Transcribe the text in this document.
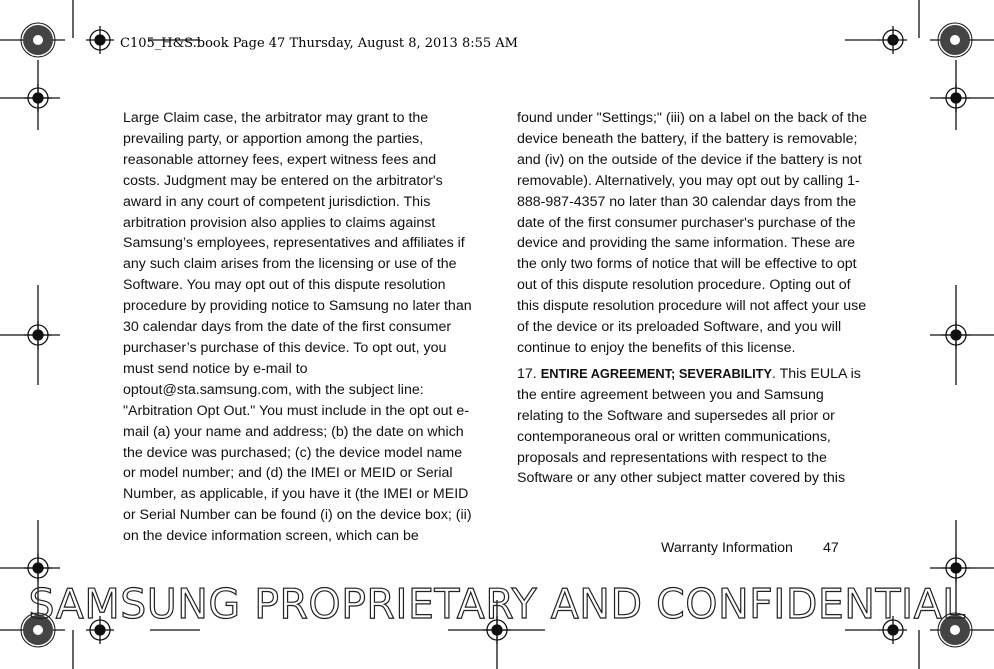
C105_H&S.book Page 47 Thursday, August 8, 2013 8:55 AM

Large Claim case, the arbitrator may grant to the prevailing party, or apportion among the parties, reasonable attorney fees, expert witness fees and costs. Judgment may be entered on the arbitrator's award in any court of competent jurisdiction. This arbitration provision also applies to claims against Samsung’s employees, representatives and affiliates if any such claim arises from the licensing or use of the Software. You may opt out of this dispute resolution procedure by providing notice to Samsung no later than 30 calendar days from the date of the first consumer purchaser’s purchase of this device. To opt out, you must send notice by e-mail to optout@sta.samsung.com, with the subject line: "Arbitration Opt Out." You must include in the opt out e-mail (a) your name and address; (b) the date on which the device was purchased; (c) the device model name or model number; and (d) the IMEI or MEID or Serial Number, as applicable, if you have it (the IMEI or MEID or Serial Number can be found (i) on the device box; (ii) on the device information screen, which can be

found under "Settings;" (iii) on a label on the back of the device beneath the battery, if the battery is removable; and (iv) on the outside of the device if the battery is not removable). Alternatively, you may opt out by calling 1-888-987-4357 no later than 30 calendar days from the date of the first consumer purchaser's purchase of the device and providing the same information. These are the only two forms of notice that will be effective to opt out of this dispute resolution procedure. Opting out of this dispute resolution procedure will not affect your use of the device or its preloaded Software, and you will continue to enjoy the benefits of this license.

17. ENTIRE AGREEMENT; SEVERABILITY. This EULA is the entire agreement between you and Samsung relating to the Software and supersedes all prior or contemporaneous oral or written communications, proposals and representations with respect to the Software or any other subject matter covered by this

Warranty Information 47
SAMSUNG PROPRIETARY AND CONFIDENTIAL
